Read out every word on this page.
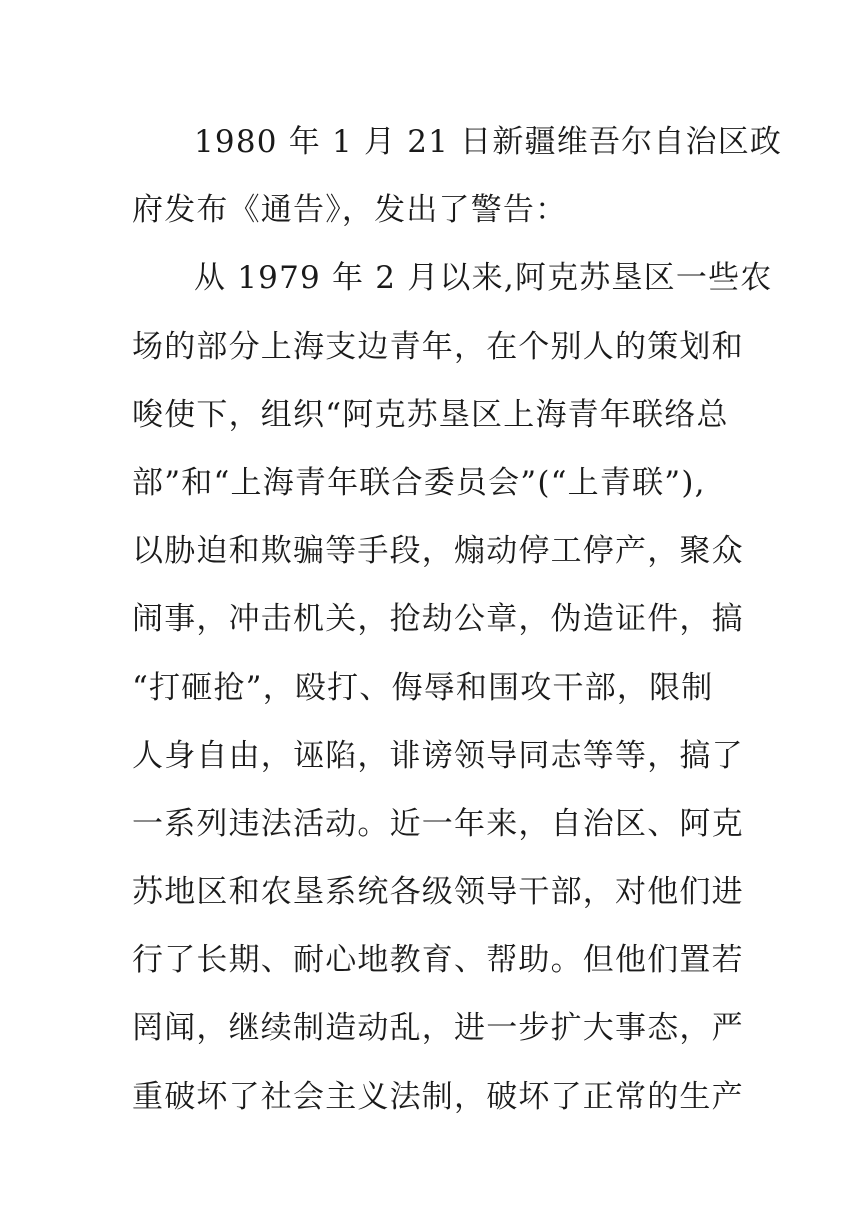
1980 年 1 月 21 日新疆维吾尔自治区政
府发布《通告》，发出了警告：
从 1979 年 2 月以来,阿克苏垦区一些农
场的部分上海支边青年，在个别人的策划和
唆使下，组织“阿克苏垦区上海青年联络总
部”和“上海青年联合委员会”(“上青联”),
以胁迫和欺骗等手段，煽动停工停产，聚众
闹事，冲击机关，抢劫公章，伪造证件，搞
“打砸抢”，殴打、侮辱和围攻干部，限制
人身自由，诬陷，诽谤领导同志等等，搞了
一系列违法活动。近一年来，自治区、阿克
苏地区和农垦系统各级领导干部，对他们进
行了长期、耐心地教育、帮助。但他们置若
罔闻，继续制造动乱，进一步扩大事态，严
重破坏了社会主义法制，破坏了正常的生产
